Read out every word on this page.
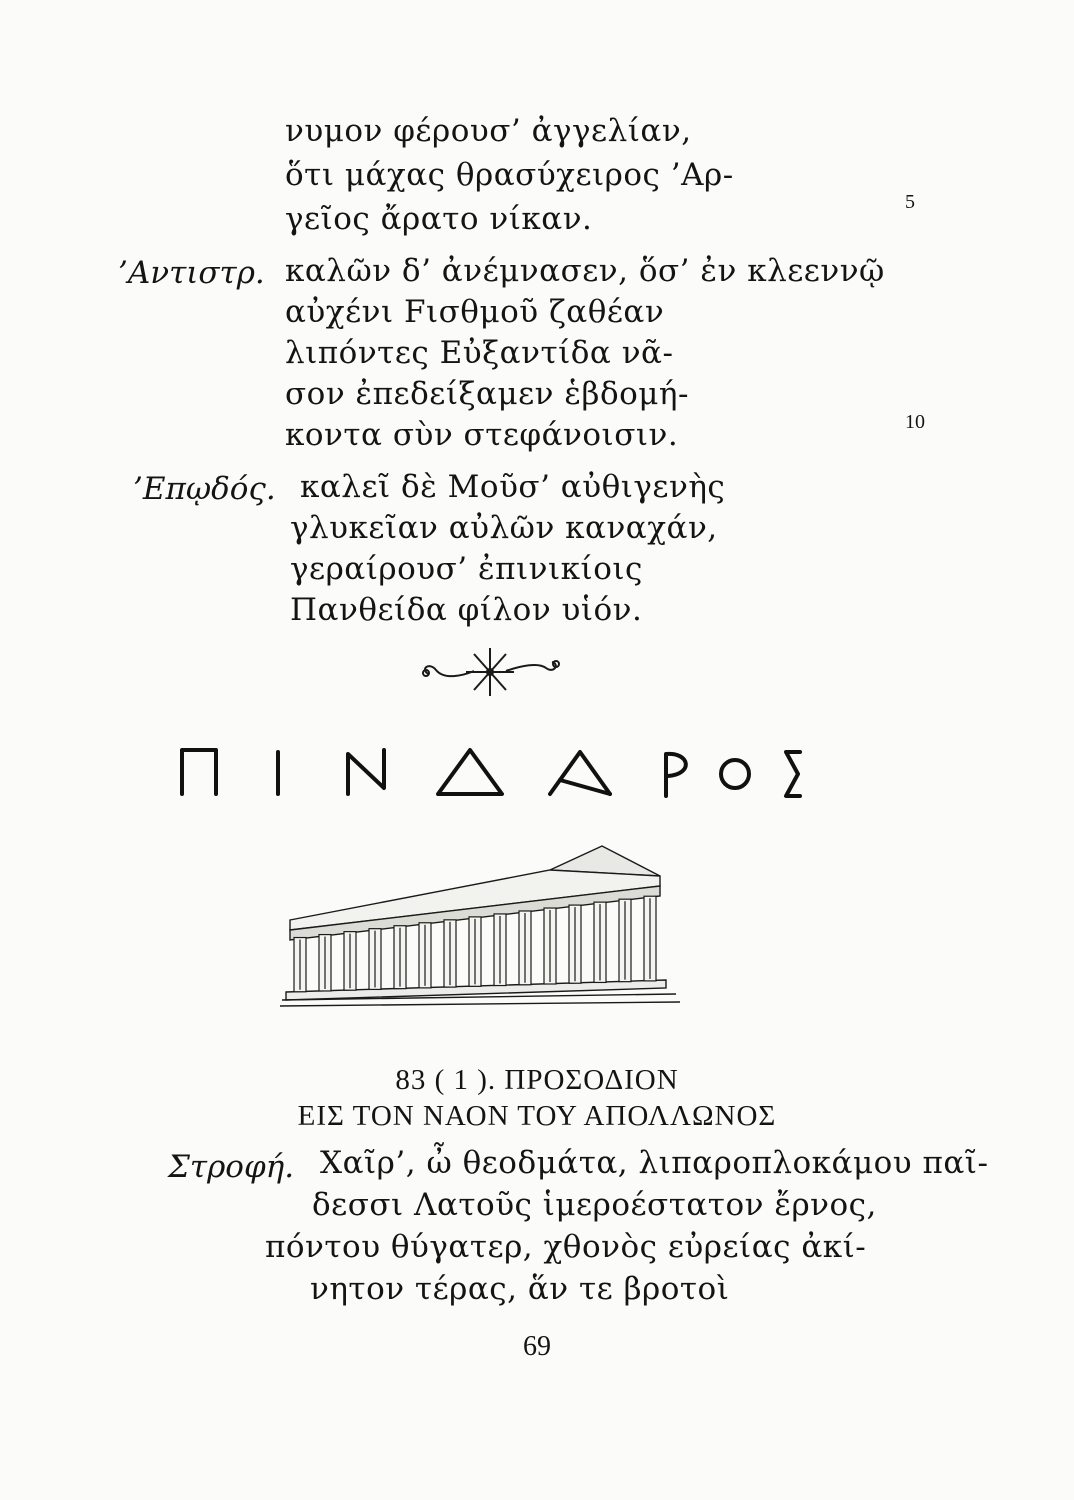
νυμον φέρουσ’ ἀγγελίαν,
ὅτι μάχας θρασύχειρος ’Αρ-
γεῖος ἄρατο νίκαν.	5
’Αντιστρ. καλῶν δ’ ἀνέμνασεν, ὅσ’ ἐν κλεεννῷ
αὐχένι Fισθμοῦ ζαθέαν
λιπόντες Εὐξαντίδα νᾶ-
σον ἐπεδείξαμεν ἑβδομή-
κοντα σὺν στεφάνοισιν.	10
’Επῳδός. καλεῖ δὲ Μοῦσ’ αὐθιγενὴς
γλυκεῖαν αὐλῶν καναχάν,
γεραίρουσ’ ἐπινικίοις
Πανθείδα φίλον υἱόν.
83 ( 1 ). ΠΡΟΣΟΔΙΟΝ
ΕΙΣ ΤΟΝ ΝΑΟΝ ΤΟΥ ΑΠΟΛΛΩΝΟΣ
Στροφή. Χαῖρ’, ὦ θεοδμάτα, λιπαροπλοκάμου παῖ-
δεσσι Λατοῦς ἱμεροέστατον ἔρνος,
πόντου θύγατερ, χθονὸς εὐρείας ἀκί-
νητον τέρας, ἅν τε βροτοὶ
69
